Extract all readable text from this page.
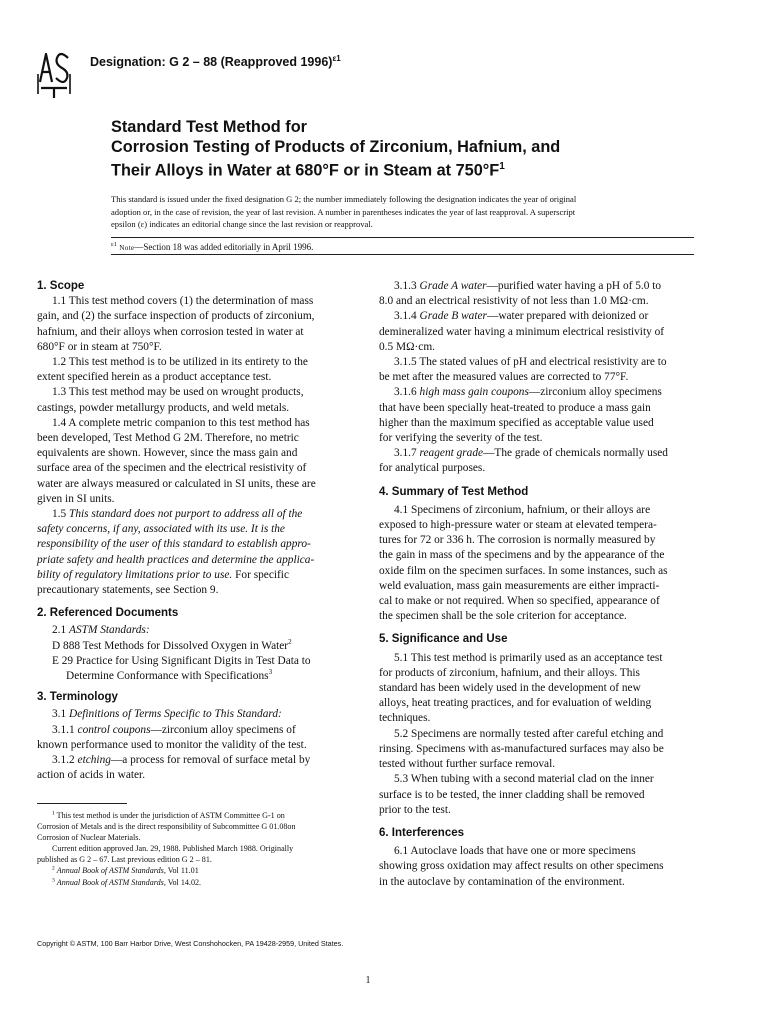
Designation: G 2 – 88 (Reapproved 1996)$^{\varepsilon 1}$
Standard Test Method for
Corrosion Testing of Products of Zirconium, Hafnium, and
Their Alloys in Water at 680°F or in Steam at $750^\circ F^1$
This standard is issued under the fixed designation G 2; the number immediately following the designation indicates the year of original
adoption or, in the case of revision, the year of last revision. A number in parentheses indicates the year of last reapproval. A superscript
epsilon (ε) indicates an editorial change since the last revision or reapproval.
$^{\varepsilon 1}$ Note—Section 18 was added editorially in April 1996.
1. Scope
1.1 This test method covers (1) the determination of mass
gain, and (2) the surface inspection of products of zirconium,
hafnium, and their alloys when corrosion tested in water at
680°F or in steam at 750°F.
1.2 This test method is to be utilized in its entirety to the
extent specified herein as a product acceptance test.
1.3 This test method may be used on wrought products,
castings, powder metallurgy products, and weld metals.
1.4 A complete metric companion to this test method has
been developed, Test Method G 2M. Therefore, no metric
equivalents are shown. However, since the mass gain and
surface area of the specimen and the electrical resistivity of
water are always measured or calculated in SI units, these are
given in SI units.
1.5 This standard does not purport to address all of the
safety concerns, if any, associated with its use. It is the
responsibility of the user of this standard to establish appro-
priate safety and health practices and determine the applica-
bility of regulatory limitations prior to use. For specific
precautionary statements, see Section 9.
2. Referenced Documents
2.1 ASTM Standards:
D 888 Test Methods for Dissolved Oxygen in Water$^2$
E 29 Practice for Using Significant Digits in Test Data to
Determine Conformance with Specifications$^3$
3. Terminology
3.1 Definitions of Terms Specific to This Standard:
3.1.1 control coupons—zirconium alloy specimens of
known performance used to monitor the validity of the test.
3.1.2 etching—a process for removal of surface metal by
action of acids in water.
$^1$ This test method is under the jurisdiction of ASTM Committee G-1 on
Corrosion of Metals and is the direct responsibility of Subcommittee G 01.08on
Corrosion of Nuclear Materials.
Current edition approved Jan. 29, 1988. Published March 1988. Originally
published as G 2 – 67. Last previous edition G 2 – 81.
$^2$ Annual Book of ASTM Standards, Vol 11.01
$^3$ Annual Book of ASTM Standards, Vol 14.02.
3.1.3 Grade A water—purified water having a pH of 5.0 to
8.0 and an electrical resistivity of not less than 1.0 MΩ·cm.
3.1.4 Grade B water—water prepared with deionized or
demineralized water having a minimum electrical resistivity of
0.5 MΩ·cm.
3.1.5 The stated values of pH and electrical resistivity are to
be met after the measured values are corrected to 77°F.
3.1.6 high mass gain coupons—zirconium alloy specimens
that have been specially heat-treated to produce a mass gain
higher than the maximum specified as acceptable value used
for verifying the severity of the test.
3.1.7 reagent grade—The grade of chemicals normally used
for analytical purposes.
4. Summary of Test Method
4.1 Specimens of zirconium, hafnium, or their alloys are
exposed to high-pressure water or steam at elevated tempera-
tures for 72 or 336 h. The corrosion is normally measured by
the gain in mass of the specimens and by the appearance of the
oxide film on the specimen surfaces. In some instances, such as
weld evaluation, mass gain measurements are either impracti-
cal to make or not required. When so specified, appearance of
the specimen shall be the sole criterion for acceptance.
5. Significance and Use
5.1 This test method is primarily used as an acceptance test
for products of zirconium, hafnium, and their alloys. This
standard has been widely used in the development of new
alloys, heat treating practices, and for evaluation of welding
techniques.
5.2 Specimens are normally tested after careful etching and
rinsing. Specimens with as-manufactured surfaces may also be
tested without further surface removal.
5.3 When tubing with a second material clad on the inner
surface is to be tested, the inner cladding shall be removed
prior to the test.
6. Interferences
6.1 Autoclave loads that have one or more specimens
showing gross oxidation may affect results on other specimens
in the autoclave by contamination of the environment.
Copyright © ASTM, 100 Barr Harbor Drive, West Conshohocken, PA 19428-2959, United States.
1
